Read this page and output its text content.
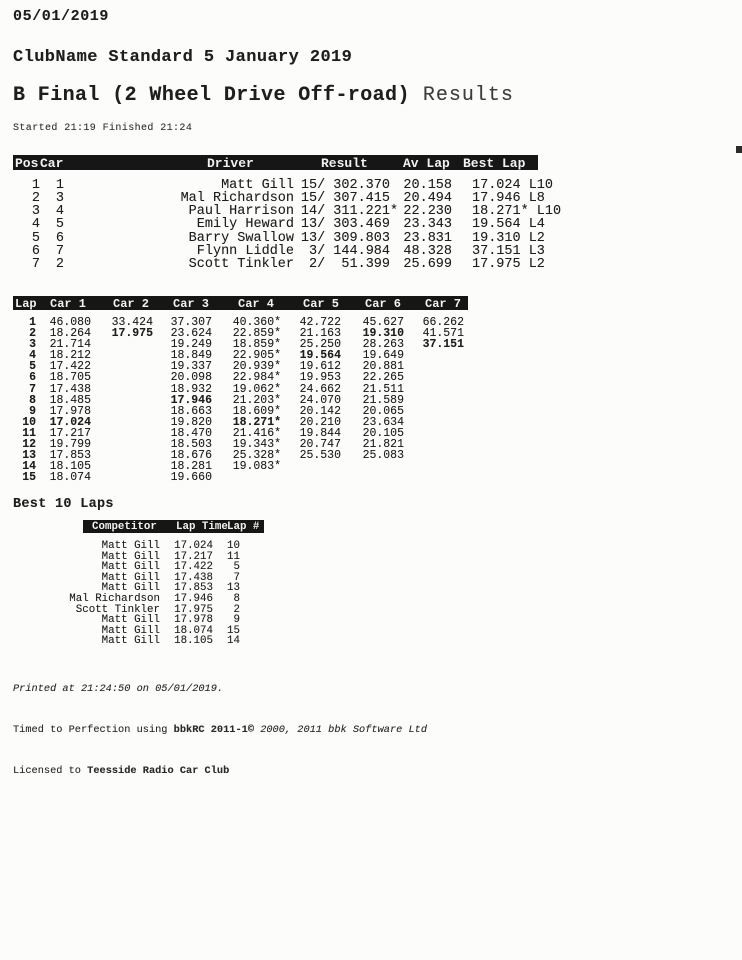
05/01/2019
ClubName Standard 5 January 2019
B Final (2 Wheel Drive Off-road) Results
Started 21:19 Finished 21:24
Pos Car	Driver	Result	Av Lap Best Lap
1	1	Matt Gill	15/ 302.370	20.158	17.024 L10
2	3	Mal Richardson	15/ 307.415	20.494	17.946 L8
3	4	Paul Harrison	14/ 311.221 *	22.230	18.271* L10
4	5	Emily Heward	13/ 303.469	23.343	19.564 L4
5	6	Barry Swallow	13/ 309.803	23.831	19.310 L2
6	7	Flynn Liddle	3/ 144.984	48.328	37.151 L3
7	2	Scott Tinkler	2/  51.399	25.699	17.975 L2
Lap Car 1 Car 2 Car 3 Car 4 Car 5 Car 6 Car 7
1	46.080	33.424	37.307	40.360*	42.722	45.627	66.262
2	18.264	17.975	23.624	22.859*	21.163	19.310	41.571
3	21.714		19.249	18.859*	25.250	28.263	37.151
4	18.212		18.849	22.905*	19.564	19.649	
5	17.422		19.337	20.939*	19.612	20.881	
6	18.705		20.098	22.984*	19.953	22.265	
7	17.438		18.932	19.062*	24.662	21.511	
8	18.485		17.946	21.203*	24.070	21.589	
9	17.978		18.663	18.609*	20.142	20.065	
10	17.024		19.820	18.271*	20.210	23.634	
11	17.217		18.470	21.416*	19.844	20.105	
12	19.799		18.503	19.343*	20.747	21.821	
13	17.853		18.676	25.328*	25.530	25.083	
14	18.105		18.281	19.083*			
15	18.074		19.660				
Best 10 Laps
Competitor Lap Time Lap #
Matt Gill	17.024	10
Matt Gill	17.217	11
Matt Gill	17.422	5
Matt Gill	17.438	7
Matt Gill	17.853	13
Mal Richardson	17.946	8
Scott Tinkler	17.975	2
Matt Gill	17.978	9
Matt Gill	18.074	15
Matt Gill	18.105	14

Printed at 21:24:50 on 05/01/2019.

Timed to Perfection using bbkRC 2011-1© 2000, 2011 bbk Software Ltd

Licensed to Teesside Radio Car Club
